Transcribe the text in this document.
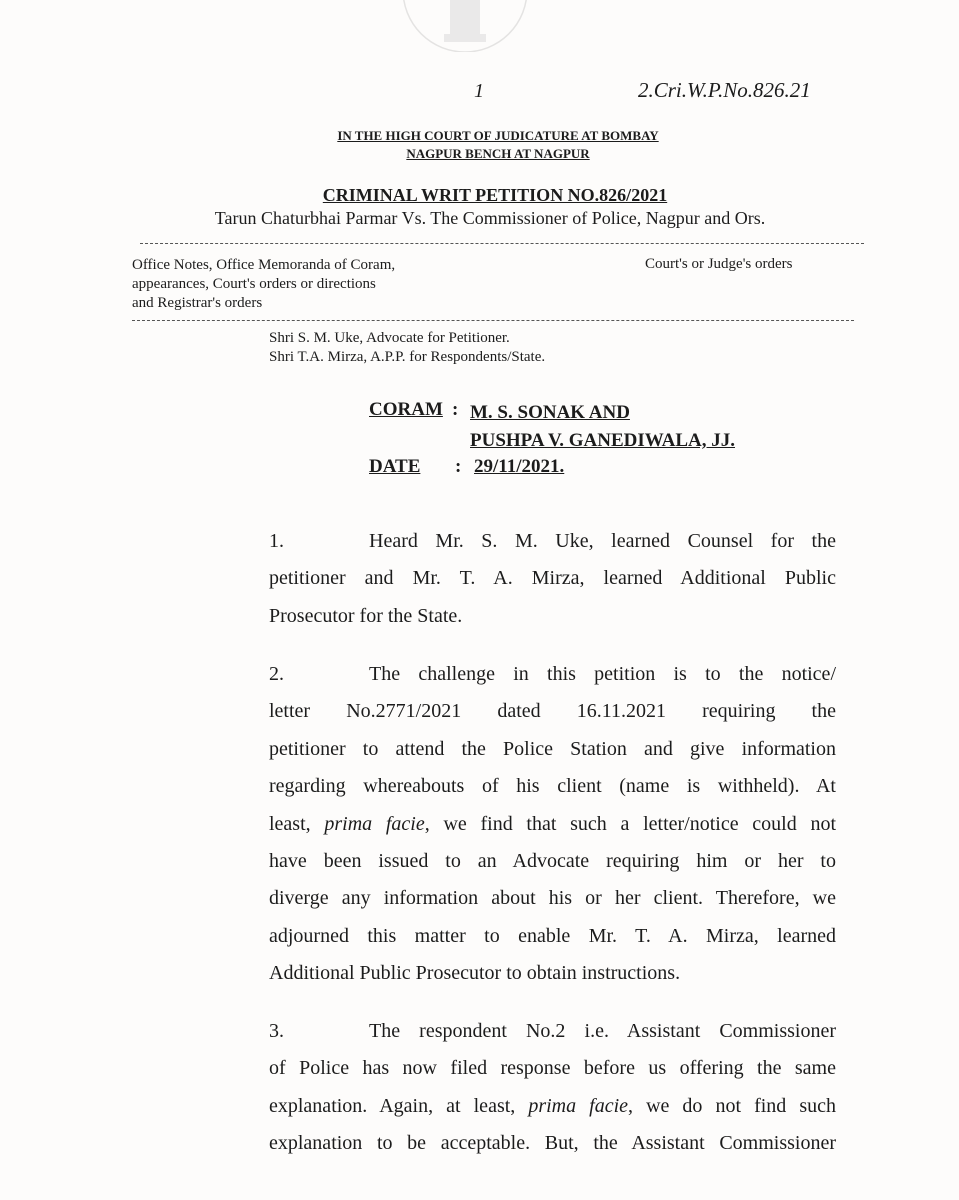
1	2.Cri.W.P.No.826.21
IN THE HIGH COURT OF JUDICATURE AT BOMBAY
NAGPUR BENCH AT NAGPUR
CRIMINAL WRIT PETITION NO.826/2021
Tarun Chaturbhai Parmar Vs. The Commissioner of Police, Nagpur and Ors.
Office Notes, Office Memoranda of Coram,
appearances, Court's orders or directions
and Registrar's orders
Court's or Judge's orders
Shri S. M. Uke, Advocate for Petitioner.
Shri T.A. Mirza, A.P.P. for Respondents/State.
CORAM : M. S. SONAK AND
PUSHPA V. GANEDIWALA, JJ.
DATE : 29/11/2021.
1.	Heard Mr. S. M. Uke, learned Counsel for the
petitioner and Mr. T. A. Mirza, learned Additional Public
Prosecutor for the State.
2.	The challenge in this petition is to the notice/
letter No.2771/2021 dated 16.11.2021 requiring the
petitioner to attend the Police Station and give information
regarding whereabouts of his client (name is withheld). At
least, prima facie, we find that such a letter/notice could not
have been issued to an Advocate requiring him or her to
diverge any information about his or her client. Therefore, we
adjourned this matter to enable Mr. T. A. Mirza, learned
Additional Public Prosecutor to obtain instructions.
3.	The respondent No.2 i.e. Assistant Commissioner
of Police has now filed response before us offering the same
explanation. Again, at least, prima facie, we do not find such
explanation to be acceptable. But, the Assistant Commissioner
